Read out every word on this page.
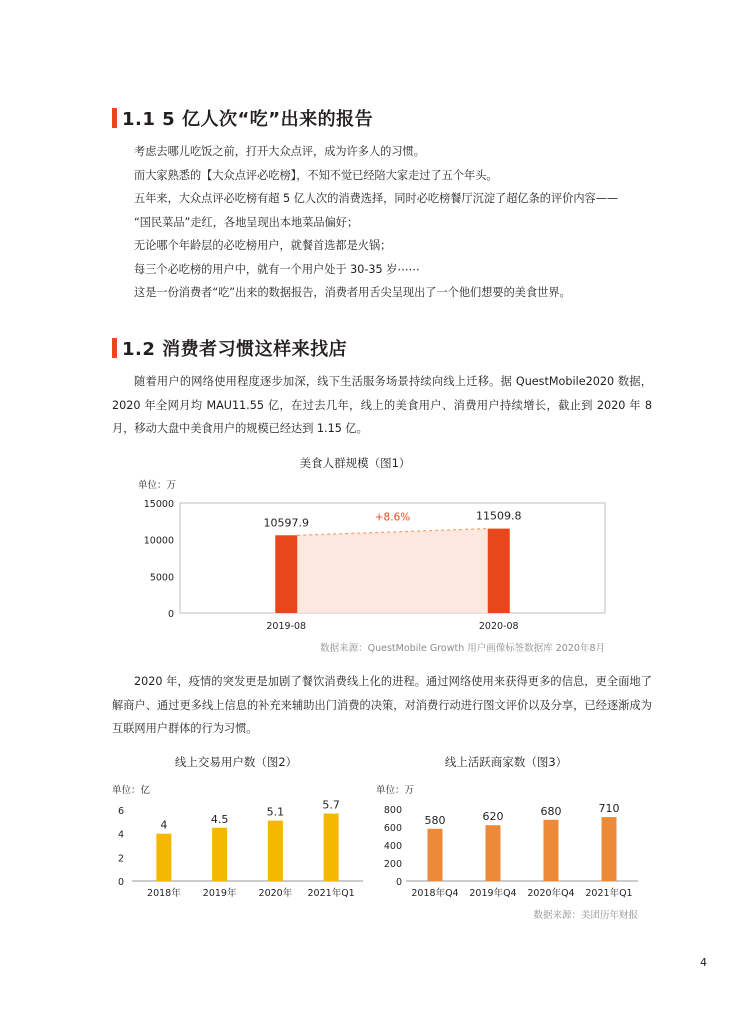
1.1 5 亿人次“吃”出来的报告

考虑去哪儿吃饭之前，打开大众点评，成为许多人的习惯。

而大家熟悉的【大众点评必吃榜】，不知不觉已经陪大家走过了五个年头。

五年来，大众点评必吃榜有超 5 亿人次的消费选择，同时必吃榜餐厅沉淀了超亿条的评价内容——

“国民菜品”走红，各地呈现出本地菜品偏好；

无论哪个年龄层的必吃榜用户，就餐首选都是火锅；

每三个必吃榜的用户中，就有一个用户处于 30-35 岁⋯⋯

这是一份消费者“吃”出来的数据报告，消费者用舌尖呈现出了一个他们想要的美食世界。

1.2 消费者习惯这样来找店

随着用户的网络使用程度逐步加深，线下生活服务场景持续向线上迁移。据 QuestMobile2020 数据，2020 年全网月均 MAU11.55 亿，在过去几年，线上的美食用户、消费用户持续增长，截止到 2020 年 8 月，移动大盘中美食用户的规模已经达到 1.15 亿。

美食人群规模（图1）
单位：万
0
5000
10000
15000
+8.6%
10597.9
2019-08
11509.8
2020-08
数据来源：QuestMobile Growth 用户画像标签数据库 2020年8月

2020 年，疫情的突发更是加剧了餐饮消费线上化的进程。通过网络使用来获得更多的信息，更全面地了解商户、通过更多线上信息的补充来辅助出门消费的决策，对消费行动进行图文评价以及分享，已经逐渐成为互联网用户群体的行为习惯。

线上交易用户数（图2）
单位：亿
0
2
4
6
4
2018年
4.5
2019年
5.1
2020年
5.7
2021年Q1
线上活跃商家数（图3）
单位：万
0
200
400
600
800
580
2018年Q4
620
2019年Q4
680
2020年Q4
710
2021年Q1
数据来源：美团历年财报
4
